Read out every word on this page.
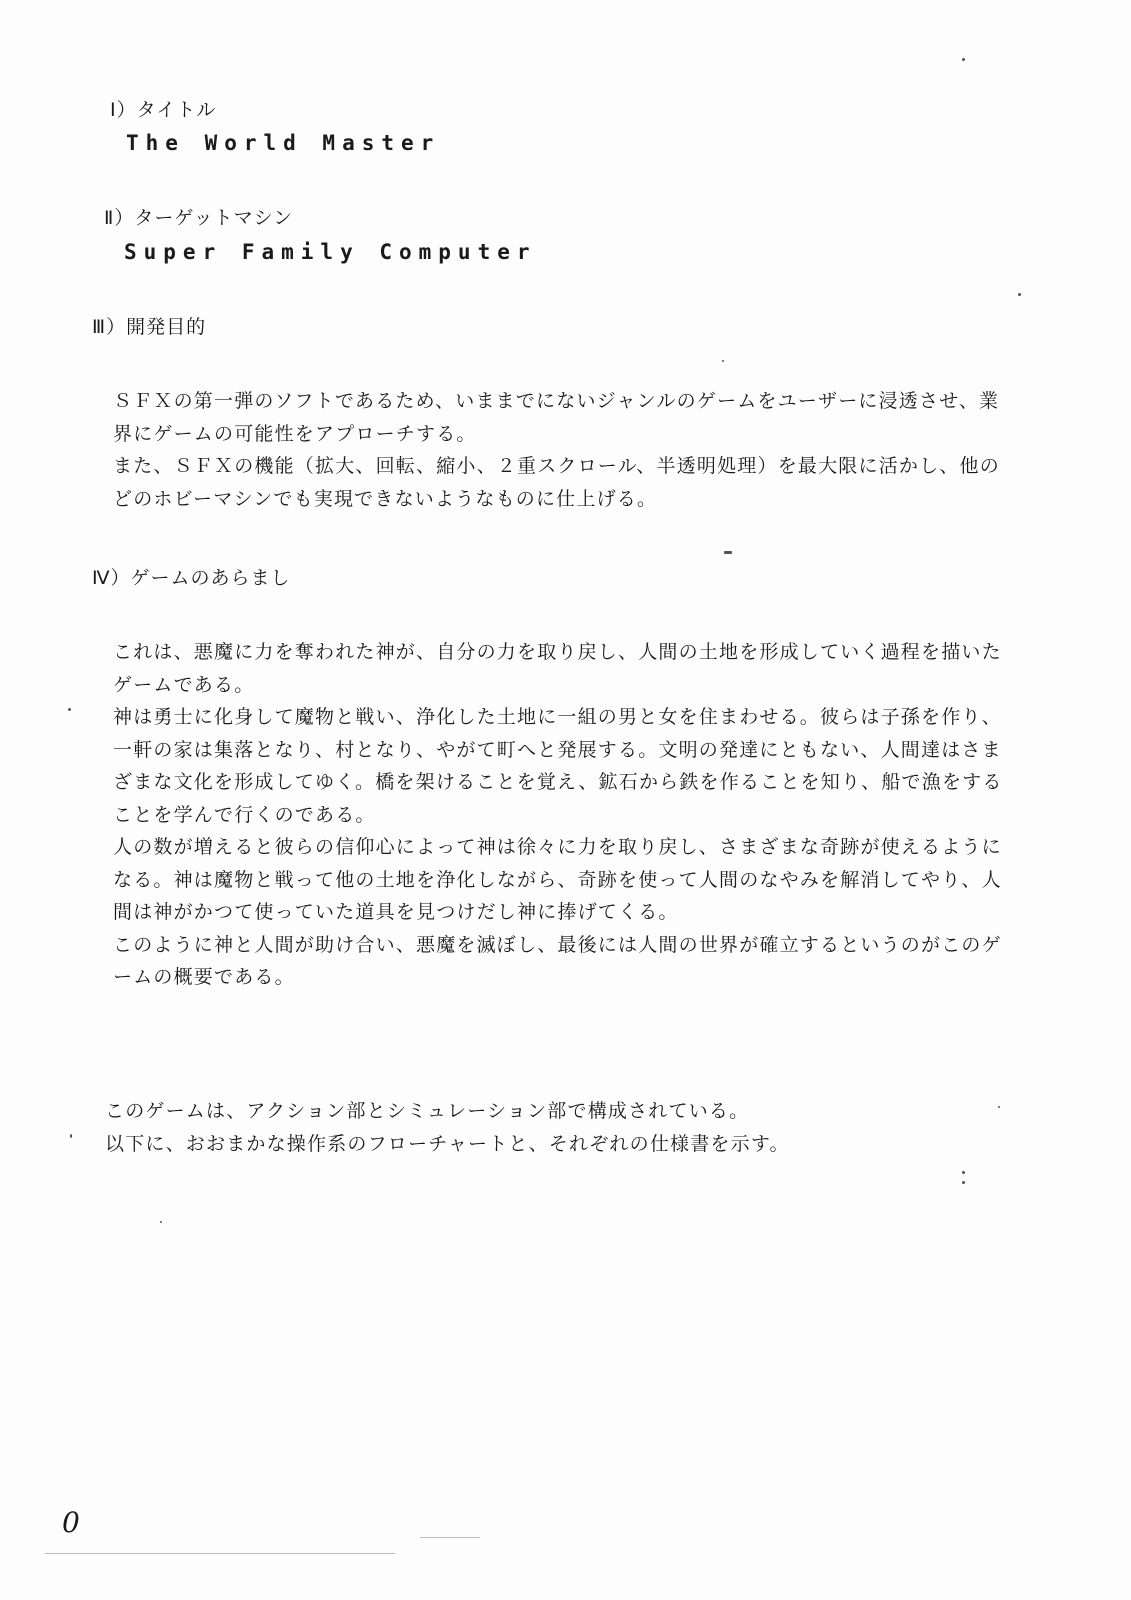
Ⅰ）タイトル
The World Master
Ⅱ）ターゲットマシン
Super Family Computer
Ⅲ）開発目的

ＳＦＸの第一弾のソフトであるため、いままでにないジャンルのゲームをユーザーに浸透させ、業

界にゲームの可能性をアプローチする。

また、ＳＦＸの機能（拡大、回転、縮小、２重スクロール、半透明処理）を最大限に活かし、他の

どのホビーマシンでも実現できないようなものに仕上げる。

Ⅳ）ゲームのあらまし

これは、悪魔に力を奪われた神が、自分の力を取り戻し、人間の土地を形成していく過程を描いた

ゲームである。

神は勇士に化身して魔物と戦い、浄化した土地に一組の男と女を住まわせる。彼らは子孫を作り、

一軒の家は集落となり、村となり、やがて町へと発展する。文明の発達にともない、人間達はさま

ざまな文化を形成してゆく。橋を架けることを覚え、鉱石から鉄を作ることを知り、船で漁をする

ことを学んで行くのである。

人の数が増えると彼らの信仰心によって神は徐々に力を取り戻し、さまざまな奇跡が使えるように

なる。神は魔物と戦って他の土地を浄化しながら、奇跡を使って人間のなやみを解消してやり、人

間は神がかつて使っていた道具を見つけだし神に捧げてくる。

このように神と人間が助け合い、悪魔を滅ぼし、最後には人間の世界が確立するというのがこのゲ

ームの概要である。

このゲームは、アクション部とシミュレーション部で構成されている。

以下に、おおまかな操作系のフローチャートと、それぞれの仕様書を示す。

0
